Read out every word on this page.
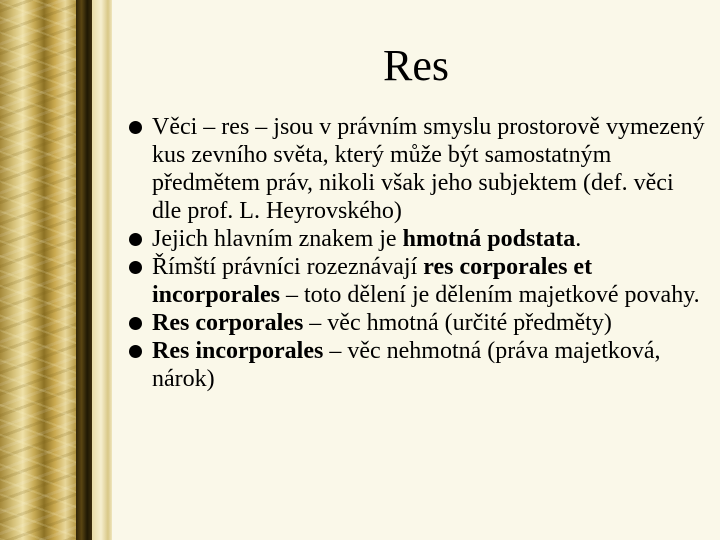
Res
Věci – res – jsou v právním smyslu prostorově vymezený kus zevního světa, který může být samostatným předmětem práv, nikoli však jeho subjektem (def. věci dle prof. L. Heyrovského)
Jejich hlavním znakem je hmotná podstata.
Římští právníci rozeznávají res corporales et incorporales – toto dělení je dělením majetkové povahy.
Res corporales – věc hmotná (určité předměty)
Res incorporales – věc nehmotná (práva majetková, nárok)
